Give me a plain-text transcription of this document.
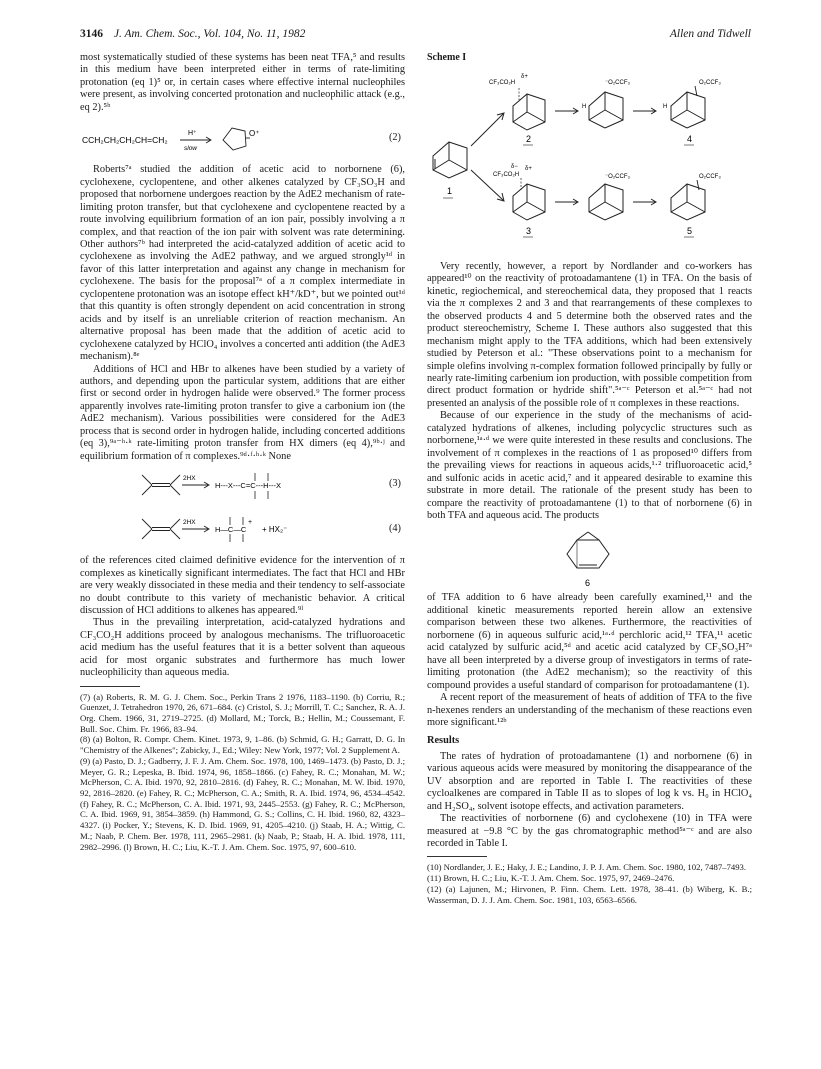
3146 J. Am. Chem. Soc., Vol. 104, No. 11, 1982	Allen and Tidwell

most systematically studied of these systems has been neat TFA,⁵ and results in this medium have been interpreted either in terms of rate-limiting protonation (eq 1)⁵ or, in certain cases where effective internal nucleophiles were present, as involving concerted protonation and nucleophilic attack (e.g., eq 2).⁵ᵇ

CCH₂CH₂CH₂CH=CH₂
H⁺
slow
O⁺	(2)

Roberts⁷ᵃ studied the addition of acetic acid to norbornene (6), cyclohexene, cyclopentene, and other alkenes catalyzed by CF₃SO₃H and proposed that norbornene undergoes reaction by the AdE2 mechanism of rate-limiting proton transfer, but that cyclohexene and cyclopentene reacted by a route involving equilibrium formation of an ion pair, possibly involving a π complex, and that reaction of the ion pair with solvent was rate determining. Other authors⁷ᵇ had interpreted the acid-catalyzed addition of acetic acid to cyclohexene as involving the AdE2 pathway, and we argued strongly¹ᵈ in favor of this latter interpretation and against any change in mechanism for cyclohexene. The basis for the proposal⁷ᵃ of a π complex intermediate in cyclopentene protonation was an isotope effect kH⁺/kD⁺, but we pointed out¹ᵈ that this quantity is often strongly dependent on acid concentration in strong acids and by itself is an unreliable criterion of reaction mechanism. An alternative proposal has been made that the addition of acetic acid to cyclohexene catalyzed by HClO₄ involves a concerted anti addition (the AdE3 mechanism).⁸ᵉ

Additions of HCl and HBr to alkenes have been studied by a variety of authors, and depending upon the particular system, additions that are either first or second order in hydrogen halide were observed.⁹ The former process apparently involves rate-limiting proton transfer to give a carbonium ion (the AdE2 mechanism). Various possibilities were considered for the AdE3 process that is second order in hydrogen halide, including concerted additions (eq 3),⁹ᵃ⁻ʰ·ᵏ rate-limiting proton transfer from HX dimers (eq 4),⁹ᵇ·ʲ and equilibrium formation of π complexes.⁹ᵈ·ᶠ·ʰ·ᵏ None

2HX
H---X---C=C---H---X	(3)
2HX
H—C—C
+
+ HX₂⁻	(4)

of the references cited claimed definitive evidence for the intervention of π complexes as kinetically significant intermediates. The fact that HCl and HBr are very weakly dissociated in these media and their tendency to self-associate no doubt contribute to this variety of mechanistic behavior. A critical discussion of HCl additions to alkenes has appeared.⁹ˡ

Thus in the prevailing interpretation, acid-catalyzed hydrations and CF₃CO₂H additions proceed by analogous mechanisms. The trifluoroacetic acid medium has the useful features that it is a better solvent than aqueous acid for most organic substrates and furthermore has much lower nucleophilicity than aqueous media.

(7) (a) Roberts, R. M. G. J. Chem. Soc., Perkin Trans 2 1976, 1183–1190. (b) Corriu, R.; Guenzet, J. Tetrahedron 1970, 26, 671–684. (c) Cristol, S. J.; Morrill, T. C.; Sanchez, R. A. J. Org. Chem. 1966, 31, 2719–2725. (d) Mollard, M.; Torck, B.; Hellin, M.; Coussemant, F. Bull. Soc. Chim. Fr. 1966, 83–94.

(8) (a) Bolton, R. Compr. Chem. Kinet. 1973, 9, 1–86. (b) Schmid, G. H.; Garratt, D. G. In "Chemistry of the Alkenes"; Zabicky, J., Ed.; Wiley: New York, 1977; Vol. 2 Supplement A.

(9) (a) Pasto, D. J.; Gadberry, J. F. J. Am. Chem. Soc. 1978, 100, 1469–1473. (b) Pasto, D. J.; Meyer, G. R.; Lepeska, B. Ibid. 1974, 96, 1858–1866. (c) Fahey, R. C.; Monahan, M. W.; McPherson, C. A. Ibid. 1970, 92, 2810–2816. (d) Fahey, R. C.; Monahan, M. W. Ibid. 1970, 92, 2816–2820. (e) Fahey, R. C.; McPherson, C. A.; Smith, R. A. Ibid. 1974, 96, 4534–4542. (f) Fahey, R. C.; McPherson, C. A. Ibid. 1971, 93, 2445–2553. (g) Fahey, R. C.; McPherson, C. A. Ibid. 1969, 91, 3854–3859. (h) Hammond, G. S.; Collins, C. H. Ibid. 1960, 82, 4323–4327. (i) Pocker, Y.; Stevens, K. D. Ibid. 1969, 91, 4205–4210. (j) Staab, H. A.; Wittig, C. M.; Naab, P. Chem. Ber. 1978, 111, 2965–2981. (k) Naab, P.; Staab, H. A. Ibid. 1978, 111, 2982–2996. (l) Brown, H. C.; Liu, K.-T. J. Am. Chem. Soc. 1975, 97, 600–610.

Scheme I
1
CF₃CO₂H
δ+
2
⁻O₂CCF₃
H	H
O₂CCF₃
4
CF₃CO₂H
δ+
δ−
3
⁻O₂CCF₃	O₂CCF₃
5

Very recently, however, a report by Nordlander and co-workers has appeared¹⁰ on the reactivity of protoadamantene (1) in TFA. On the basis of kinetic, regiochemical, and stereochemical data, they proposed that 1 reacts via the π complexes 2 and 3 and that rearrangements of these complexes to the observed products 4 and 5 determine both the observed rates and the product stereochemistry, Scheme I. These authors also suggested that this mechanism might apply to the TFA additions, which had been extensively studied by Peterson et al.: "These observations point to a mechanism for simple olefins involving π-complex formation followed principally by fully or nearly rate-limiting carbenium ion production, with possible competition from direct product formation or hydride shift".⁵ᵃ⁻ᶜ Peterson et al.⁵ᵃ⁻ᶜ had not presented an analysis of the possible role of π complexes in these reactions.

Because of our experience in the study of the mechanisms of acid-catalyzed hydrations of alkenes, including polycyclic structures such as norbornene,¹ᵃ·ᵈ we were quite interested in these results and conclusions. The involvement of π complexes in the reactions of 1 as proposed¹⁰ differs from the prevailing views for reactions in aqueous acids,¹·² trifluoroacetic acid,⁵ and sulfonic acids in acetic acid,⁷ and it appeared desirable to examine this substrate in more detail. The rationale of the present study has been to compare the reactivity of protoadamantene (1) to that of norbornene (6) in both TFA and aqueous acid. The products

6

of TFA addition to 6 have already been carefully examined,¹¹ and the additional kinetic measurements reported herein allow an extensive comparison between these two alkenes. Furthermore, the reactivities of norbornene (6) in aqueous sulfuric acid,¹ᵃ·ᵈ perchloric acid,¹² TFA,¹¹ acetic acid catalyzed by sulfuric acid,⁵ᵈ and acetic acid catalyzed by CF₃SO₃H⁷ᵃ have all been interpreted by a diverse group of investigators in terms of rate-limiting protonation (the AdE2 mechanism); so the reactivity of this compound provides a useful standard of comparison for protoadamantene (1).

A recent report of the measurement of heats of addition of TFA to the five n-hexenes renders an understanding of the mechanism of these reactions even more significant.¹²ᵇ

Results

The rates of hydration of protoadamantene (1) and norbornene (6) in various aqueous acids were measured by monitoring the disappearance of the UV absorption and are reported in Table I. The reactivities of these cycloalkenes are compared in Table II as to slopes of log k vs. H₀ in HClO₄ and H₂SO₄, solvent isotope effects, and activation parameters.

The reactivities of norbornene (6) and cyclohexene (10) in TFA were measured at −9.8 °C by the gas chromatographic method⁵ᵃ⁻ᶜ and are also recorded in Table I.

(10) Nordlander, J. E.; Haky, J. E.; Landino, J. P. J. Am. Chem. Soc. 1980, 102, 7487–7493.

(11) Brown, H. C.; Liu, K.-T. J. Am. Chem. Soc. 1975, 97, 2469–2476.

(12) (a) Lajunen, M.; Hirvonen, P. Finn. Chem. Lett. 1978, 38–41. (b) Wiberg, K. B.; Wasserman, D. J. J. Am. Chem. Soc. 1981, 103, 6563–6566.
